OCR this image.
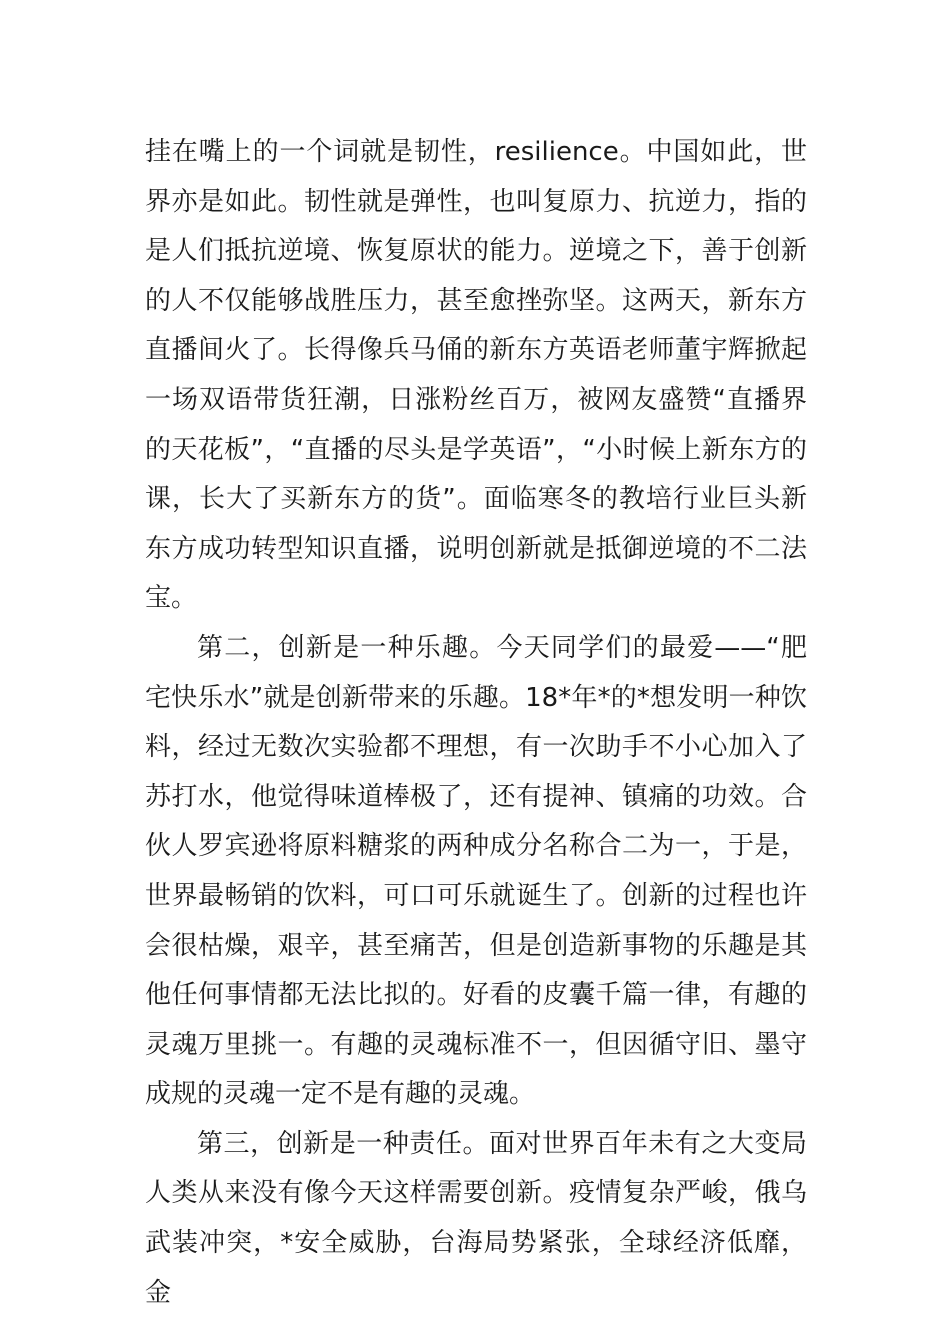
挂在嘴上的一个词就是韧性，resilience。中国如此，世界亦是如此。韧性就是弹性，也叫复原力、抗逆力，指的是人们抵抗逆境、恢复原状的能力。逆境之下，善于创新的人不仅能够战胜压力，甚至愈挫弥坚。这两天，新东方直播间火了。长得像兵马俑的新东方英语老师董宇辉掀起一场双语带货狂潮，日涨粉丝百万，被网友盛赞“直播界的天花板”，“直播的尽头是学英语”，“小时候上新东方的课，长大了买新东方的货”。面临寒冬的教培行业巨头新东方成功转型知识直播，说明创新就是抵御逆境的不二法宝。

第二，创新是一种乐趣。今天同学们的最爱——“肥宅快乐水”就是创新带来的乐趣。18*年*的*想发明一种饮料，经过无数次实验都不理想，有一次助手不小心加入了苏打水，他觉得味道棒极了，还有提神、镇痛的功效。合伙人罗宾逊将原料糖浆的两种成分名称合二为一，于是，世界最畅销的饮料，可口可乐就诞生了。创新的过程也许会很枯燥，艰辛，甚至痛苦，但是创造新事物的乐趣是其他任何事情都无法比拟的。好看的皮囊千篇一律，有趣的灵魂万里挑一。有趣的灵魂标准不一，但因循守旧、墨守成规的灵魂一定不是有趣的灵魂。

第三，创新是一种责任。面对世界百年未有之大变局人类从来没有像今天这样需要创新。疫情复杂严峻，俄乌武装冲突，*安全威胁，台海局势紧张，全球经济低靡，金
